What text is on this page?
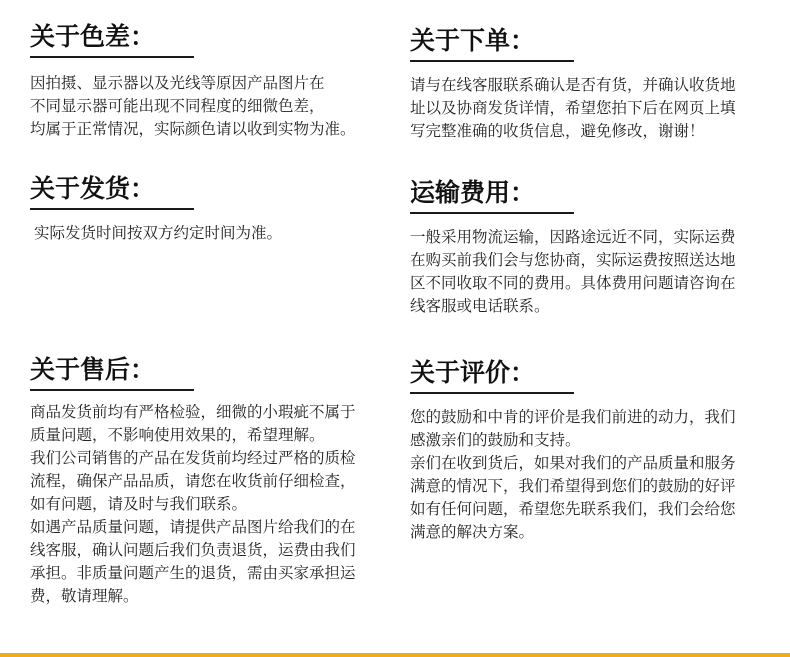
关于色差：
因拍摄、显示器以及光线等原因产品图片在
不同显示器可能出现不同程度的细微色差，
均属于正常情况，实际颜色请以收到实物为准。
关于下单：
请与在线客服联系确认是否有货，并确认收货地
址以及协商发货详情，希望您拍下后在网页上填
写完整准确的收货信息，避免修改，谢谢！
关于发货：
实际发货时间按双方约定时间为准。
运输费用：
一般采用物流运输，因路途远近不同，实际运费
在购买前我们会与您协商，实际运费按照送达地
区不同收取不同的费用。具体费用问题请咨询在
线客服或电话联系。
关于售后：
商品发货前均有严格检验，细微的小瑕疵不属于
质量问题，不影响使用效果的，希望理解。
我们公司销售的产品在发货前均经过严格的质检
流程，确保产品品质，请您在收货前仔细检查，
如有问题，请及时与我们联系。
如遇产品质量问题，请提供产品图片给我们的在
线客服，确认问题后我们负责退货，运费由我们
承担。非质量问题产生的退货，需由买家承担运
费，敬请理解。
关于评价：
您的鼓励和中肯的评价是我们前进的动力，我们
感激亲们的鼓励和支持。
亲们在收到货后，如果对我们的产品质量和服务
满意的情况下，我们希望得到您们的鼓励的好评
如有任何问题，希望您先联系我们，我们会给您
满意的解决方案。
